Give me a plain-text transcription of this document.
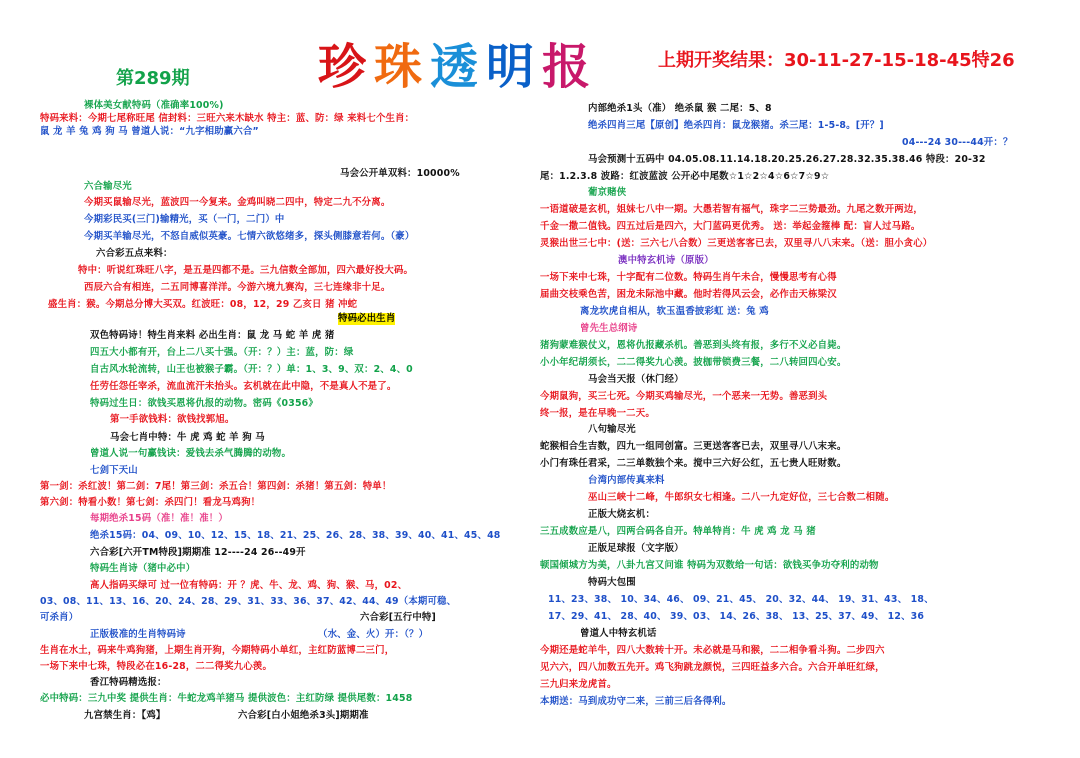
珍 珠 透 明 报
第289期
上期开奖结果：30-11-27-15-18-45特26
裸体美女献特码（准确率100%)
特码来料：今期七尾称旺尾 信封料：三旺六来木缺水 特主：蓝、防：绿 来料七个生肖：
鼠 龙 羊 兔 鸡 狗 马 曾道人说：“九字相助赢六合”
马会公开单双料：10000%
六合输尽光
今期买鼠输尽光，蓝波四一今复来。金鸡叫晓二四中，特定二九不分离。
今期彩民买(三门)输精光，买（一门，二门）中
今期买羊输尽光，不怒自威似英豪。七情六欲悠绪多，探头侧膝意若何。（豪）
六合彩五点来料：
特中：听说红珠旺八字，是五是四都不是。三九信数全部加，四六最好投大码。
西辰六合有相连，二五同博喜洋洋。今游六境九赛沟，三七连缘非十足。
盛生肖：猴。今期总分博大买双。红波旺：08，12，29 乙亥日 猪 冲蛇
特码必出生肖
双色特码诗！特生肖来料 必出生肖：鼠 龙 马 蛇 羊 虎 猪
四五大小都有开，台上二八买十强。（开：？）主：蓝，防：绿
自古风水轮流转，山王也被猴子霸。（开：？）单：1、3、9、双：2、4、0
任劳任怨任宰杀，流血流汗未抬头。玄机就在此中隐，不是真人不是了。
特码过生日：欲钱买恩将仇报的动物。密码《0356》
第一手欲钱料：欲钱找郭旭。
马会七肖中特：牛 虎 鸡 蛇 羊 狗 马
曾道人说一句赢钱诀：爱钱去杀气腾腾的动物。
七剑下天山
第一剑：杀红波！第二剑：7尾！第三剑：杀五合！第四剑：杀猪！第五剑：特单！
第六剑：特看小数！第七剑：杀四门！看龙马鸡狗！
每期绝杀15码（准！准！准！）
绝杀15码：04、09、10、12、15、18、21、25、26、28、38、39、40、41、45、48
六合彩[六开TM特段]期期准 12----24 26--49开
特码生肖诗（猪中必中）
高人指码买绿可 过一位有特码：开 ？虎、牛、龙、鸡、狗、猴、马，02、
03、08、11、13、16、20、24、28、29、31、33、36、37、42、44、49（本期可稳、
可杀肖）	六合彩[五行中特]
正版极准的生肖特码诗	（水、金、火）开：（？）
生肖在水土，码来牛鸡狗猪，上期生肖开狗，今期特码小单红，主红防蓝博二三门，
一场下来中七珠，特段必在16-28，二二得奖九心羡。
香江特码精选报：
必中特码：三九中奖 提供生肖：牛蛇龙鸡羊猪马 提供波色：主红防绿 提供尾数：1458
九宫禁生肖：【鸡】	六合彩[白小姐绝杀3头]期期准
内部绝杀1头（准） 绝杀鼠 猴 二尾：5、8
绝杀四肖三尾【原创】绝杀四肖：鼠龙猴猪。杀三尾：1-5-8。[开？]
04---24 30---44开：？
马会预测十五码中 04.05.08.11.14.18.20.25.26.27.28.32.35.38.46 特段：20-32
尾：1.2.3.8 波路：红波蓝波 公开必中尾数☆1☆2☆4☆6☆7☆9☆
葡京赌侠
一语道破是玄机，姐妹七八中一期。大愚若智有福气，珠字二三势最劲。九尾之数开两边，
千金一撒二值钱。四五过后是四六，大门蓝码更优秀。 送：举起金箍棒 配：盲人过马路。
灵猴出世三七中：(送：三六七八合数）三更送客客已去，双里寻八八末来。（送：胆小贪心）
澳中特玄机诗（原版）
一场下来中七珠，十字配有二位数。特码生肖午未合，慢慢思考有心得
届曲交枝乘色苦，困龙未际池中藏。他时若得风云会，必作击天栋梁汉
离龙坎虎自相从，软玉温香披彩虹 送：兔 鸡
曾先生总纲诗
猪狗蒙难猴仗义，恩将仇报藏杀机。善恶到头终有报，多行不义必自毙。
小小年纪胡须长，二二得奖九心羡。披枷带锁费三餐，二八转回四心安。
马会当天报（休门经）
今期鼠狗，买三七死。今期买鸡输尽光，一个恶来一无势。善恶到头
终一报，是在早晚一二天。
八句输尽光
蛇猴相合生吉数，四九一组同创富。三更送客客已去，双里寻八八末来。
小门有珠任君采，二三单数独个来。搅中三六好公红，五七贵人旺财数。
台湾内部传真来料
巫山三峡十二峰，牛郎织女七相逢。二八一九定好位，三七合数二相随。
正版大烧玄机：
三五成数应是八，四两合码各自开。特单特肖：牛 虎 鸡 龙 马 猪
正版足球报（文字版）
顿国倾城方为美，八卦九宫又问谁 特码为双数给一句话：欲钱买争功夺利的动物
特码大包围
11、23、38、 10、34、46、 09、21、45、 20、32、44、 19、31、43、 18、
17、29、41、 28、40、 39、03、 14、26、38、 13、25、37、49、 12、36
曾道人中特玄机话
今期还是蛇羊牛，四八大数转十开。未必就是马和猴，二二相争看斗狗。二步四六
见六六，四八加数五先开。鸡飞狗跳龙颜悦，三四旺益多六合。六合开单旺红绿，
三九归来龙虎首。
本期送：马到成功守二来，三前三后各得利。
